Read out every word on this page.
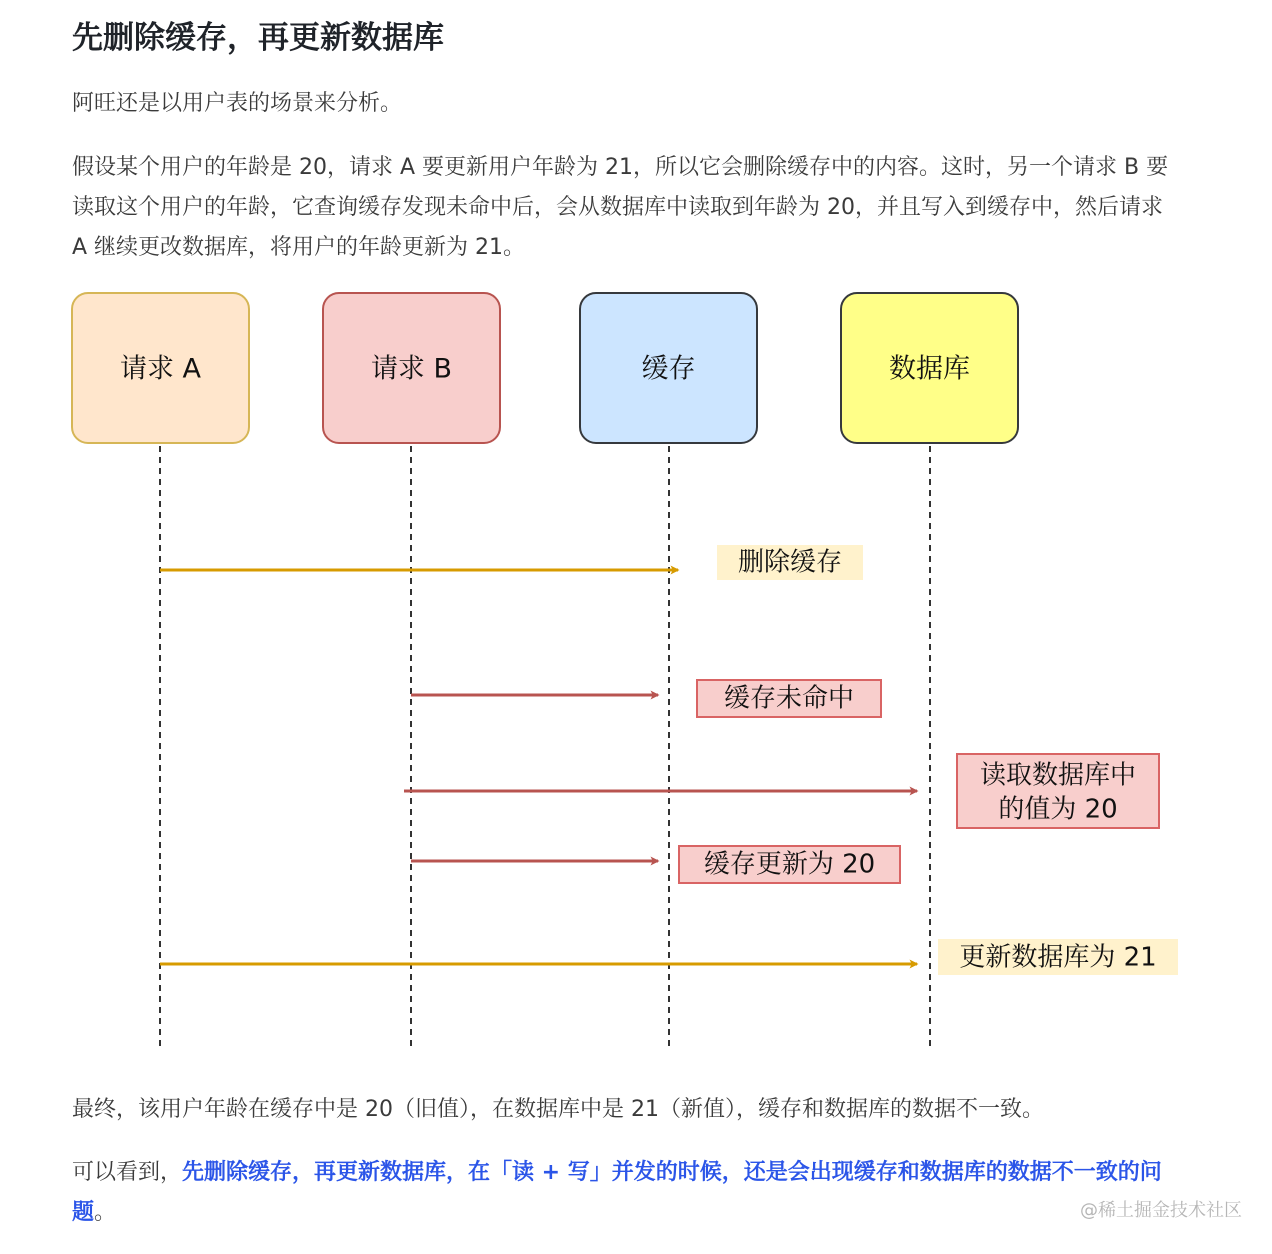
先删除缓存，再更新数据库

阿旺还是以用户表的场景来分析。

假设某个用户的年龄是 20，请求 A 要更新用户年龄为 21，所以它会删除缓存中的内容。这时，另一个请求 B 要读取这个用户的年龄，它查询缓存发现未命中后，会从数据库中读取到年龄为 20，并且写入到缓存中，然后请求 A 继续更改数据库，将用户的年龄更新为 21。

请求 A	请求 B	缓存	数据库
删除缓存
缓存未命中
读取数据库中
的值为 20
缓存更新为 20
更新数据库为 21

最终，该用户年龄在缓存中是 20（旧值），在数据库中是 21（新值），缓存和数据库的数据不一致。

可以看到，先删除缓存，再更新数据库，在「读 + 写」并发的时候，还是会出现缓存和数据库的数据不一致的问题。	@稀土掘金技术社区
